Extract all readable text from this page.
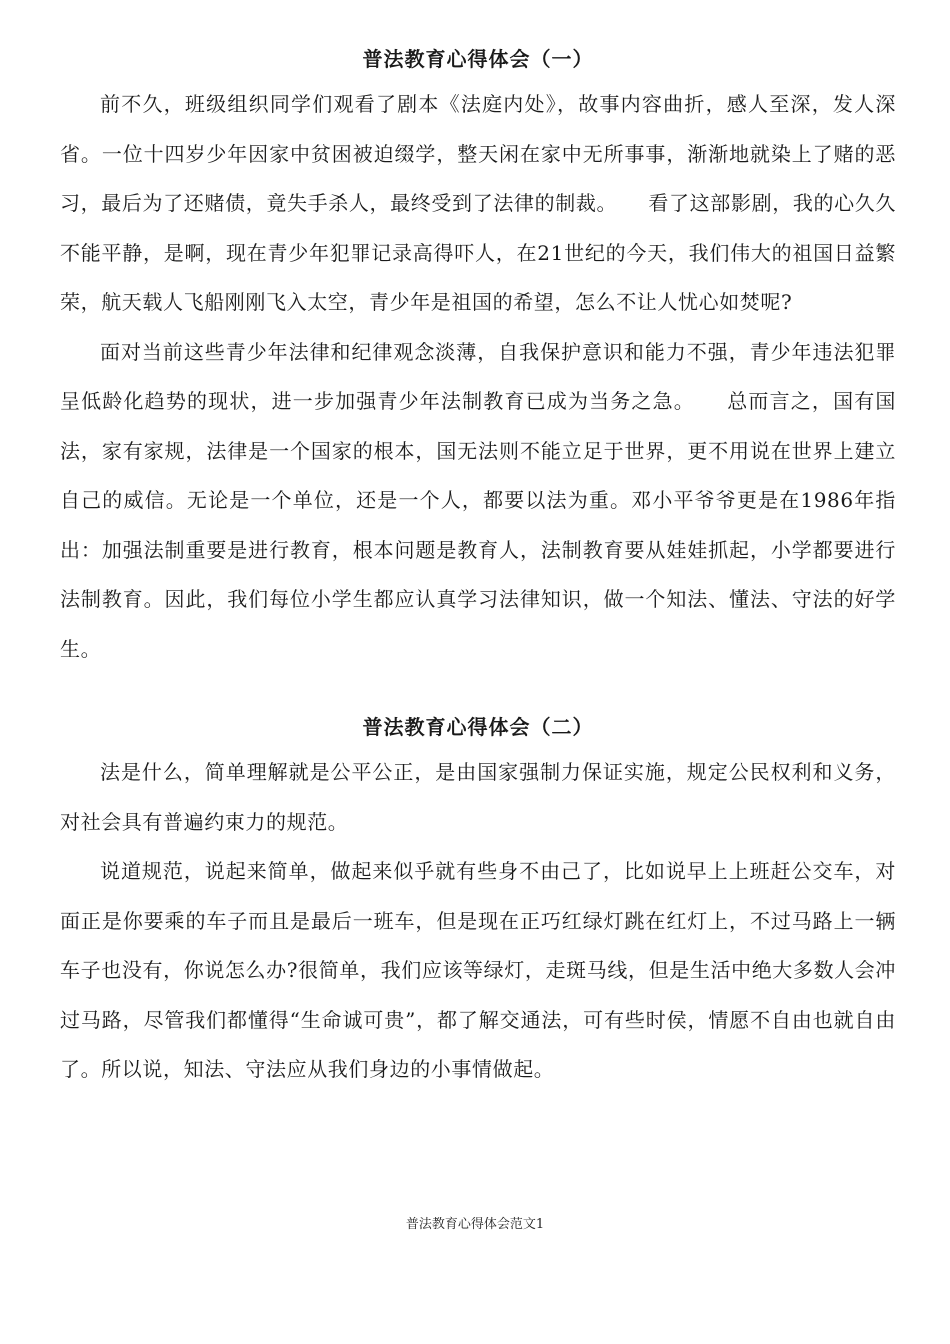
普法教育心得体会（一）

前不久，班级组织同学们观看了剧本《法庭内处》，故事内容曲折，感人至深，发人深省。一位十四岁少年因家中贫困被迫缀学，整天闲在家中无所事事，渐渐地就染上了赌的恶习，最后为了还赌债，竟失手杀人，最终受到了法律的制裁。　　看了这部影剧，我的心久久不能平静，是啊，现在青少年犯罪记录高得吓人，在21世纪的今天，我们伟大的祖国日益繁荣，航天载人飞船刚刚飞入太空，青少年是祖国的希望，怎么不让人忧心如焚呢?

面对当前这些青少年法律和纪律观念淡薄，自我保护意识和能力不强，青少年违法犯罪呈低龄化趋势的现状，进一步加强青少年法制教育已成为当务之急。　　总而言之，国有国法，家有家规，法律是一个国家的根本，国无法则不能立足于世界，更不用说在世界上建立自己的威信。无论是一个单位，还是一个人，都要以法为重。邓小平爷爷更是在1986年指出：加强法制重要是进行教育，根本问题是教育人，法制教育要从娃娃抓起，小学都要进行法制教育。因此，我们每位小学生都应认真学习法律知识，做一个知法、懂法、守法的好学生。

普法教育心得体会（二）

法是什么，简单理解就是公平公正，是由国家强制力保证实施，规定公民权利和义务，对社会具有普遍约束力的规范。

说道规范，说起来简单，做起来似乎就有些身不由己了，比如说早上上班赶公交车，对面正是你要乘的车子而且是最后一班车，但是现在正巧红绿灯跳在红灯上，不过马路上一辆车子也没有，你说怎么办?很简单，我们应该等绿灯，走斑马线，但是生活中绝大多数人会冲过马路，尽管我们都懂得“生命诚可贵”，都了解交通法，可有些时侯，情愿不自由也就自由了。所以说，知法、守法应从我们身边的小事情做起。

普法教育心得体会范文1
